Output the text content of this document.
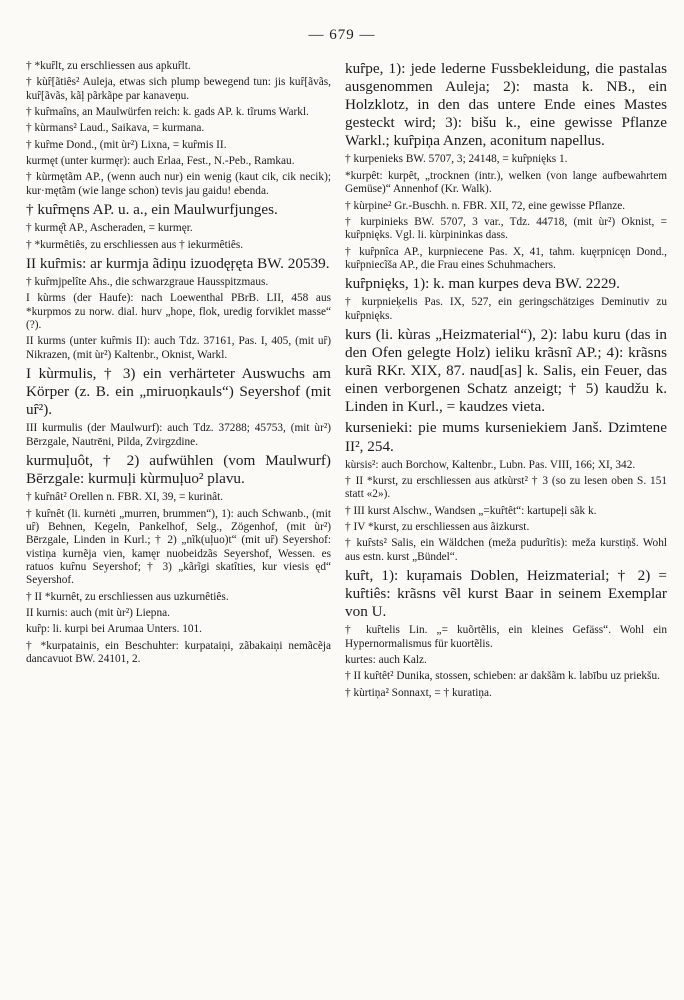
— 679 —

† *kuȓlt, zu erschliessen aus apkuȓlt.

† kùȓ[ãtiês² Auleja, etwas sich plump bewegend tun: jis kuȓ[ãvãs, kuȓ[ãvãs, kãļ pãrkãpe par kanaveņu.

† kuȓmaîns, an Maulwürfen reich: k. gads AP. k. tĩrums Warkl.

† kùrmans² Laud., Saikava, = kurmana.

† kuȓme Dond., (mit ùr²) Lixna, = kuȓmis II.

kurmęt (unter kurmęr): auch Erlaa, Fest., N.-Peb., Ramkau.

† kùrmętãm AP., (wenn auch nur) ein wenig (kaut cik, cik necik); kur·mętãm (wie lange schon) tevis jau gaidu! ebenda.

† kuȓmęns AP. u. a., ein Maulwurfjunges.

† kurmę̂t AP., Ascheraden, = kurmęr.

† *kurmêtiês, zu erschliessen aus † iekurmêtiês.

II kuȓmis: ar kurmja ãdiņu izuodęŗęta BW. 20539.

† kuȓmjpelîte Ahs., die schwarzgraue Hausspitzmaus.

I kùrms (der Haufe): nach Loewenthal PBrB. LII, 458 aus *kurpmos zu norw. dial. hurv „hope, flok, uredig forviklet masse“ (?).

II kurms (unter kuȓmis II): auch Tdz. 37161, Pas. I, 405, (mit uȓ) Nikrazen, (mit ùr²) Kaltenbr., Oknist, Warkl.

I kùrmulis, † 3) ein verhärteter Auswuchs am Körper (z. B. ein „miruoņkauls“) Seyershof (mit uȓ²).

III kurmulis (der Maulwurf): auch Tdz. 37288; 45753, (mit ùr²) Bērzgale, Nautrēni, Pilda, Zvirgzdine.

kurmuļuôt, † 2) aufwühlen (vom Maulwurf) Bērzgale: kurmuļi kùrmuļuo² plavu.

† kuȓnât² Orellen n. FBR. XI, 39, = kurinât.

† kuȓnêt (li. kurnėti „murren, brummen“), 1): auch Schwanb., (mit uȓ) Behnen, Kegeln, Pankelhof, Selg., Zögenhof, (mit ùr²) Bērzgale, Linden in Kurl.; † 2) „nĩk(uļuo)t“ (mit uȓ) Seyershof: vistiņa kurnẽja vien, kamęr nuobeidzãs Seyershof, Wessen. es ratuos kuȓnu Seyershof; † 3) „kãrĩgi skatîties, kur viesis ęd“ Seyershof.

† II *kurnêt, zu erschliessen aus uzkurnêtiês.

II kurnis: auch (mit ùr²) Liepna.

kuȓp: li. kurpi bei Arumaa Unters. 101.

† *kurpatainis, ein Beschuhter: kurpataiņi, zãbakaiņi nemãcẽja dancavuot BW. 24101, 2.

kuȓpe, 1): jede lederne Fussbekleidung, die pastalas ausgenommen Auleja; 2): masta k. NB., ein Holzklotz, in den das untere Ende eines Mastes gesteckt wird; 3): bišu k., eine gewisse Pflanze Warkl.; kuȓpiņa Anzen, aconitum napellus.

† kurpenieks BW. 5707, 3; 24148, = kuȓpnięks 1.

*kurpêt: kurpêt, „trocknen (intr.), welken (von lange aufbewahrtem Gemüse)“ Annenhof (Kr. Walk).

† kùrpine² Gr.-Buschh. n. FBR. XII, 72, eine gewisse Pflanze.

† kurpinieks BW. 5707, 3 var., Tdz. 44718, (mit ùr²) Oknist, = kuȓpnięks. Vgl. li. kùrpininkas dass.

† kuȓpnîca AP., kurpniecene Pas. X, 41, tahm. kuęrpnicęn Dond., kuȓpniecĩša AP., die Frau eines Schuhmachers.

kuȓpnięks, 1): k. man kurpes deva BW. 2229.

† kurpnieķelis Pas. IX, 527, ein geringschätziges Deminutiv zu kuȓpnięks.

kurs (li. kùras „Heizmaterial“), 2): labu kuru (das in den Ofen gelegte Holz) ieliku krãsnĩ AP.; 4): krãsns kurã RKr. XIX, 87. naud[as] k. Salis, ein Feuer, das einen verborgenen Schatz anzeigt; † 5) kaudžu k. Linden in Kurl., = kaudzes vieta.

kursenieki: pie mums kurseniekiem Janš. Dzimtene II², 254.

kùrsis²: auch Borchow, Kaltenbr., Lubn. Pas. VIII, 166; XI, 342.

† II *kurst, zu erschliessen aus atkùrst² † 3 (so zu lesen oben S. 151 statt «2»).

† III kurst Alschw., Wandsen „=kuȓtêt“: kartupeļi sãk k.

† IV *kurst, zu erschliessen aus ãizkurst.

† kuȓsts² Salis, ein Wäldchen (meža pudurĩtis): meža kurstiņš. Wohl aus estn. kurst „Bündel“.

kuȓt, 1): kuŗamais Doblen, Heizmaterial; † 2) = kuȓtiês: krãsns vẽl kurst Baar in seinem Exemplar von U.

† kuȓtelis Lin. „= kuõrtẽlis, ein kleines Gefäss“. Wohl ein Hypernormalismus für kuortẽlis.

kurtes: auch Kalz.

† II kuȓtêt² Dunika, stossen, schieben: ar dakšãm k. labību uz priekšu.

† kùrtiņa² Sonnaxt, = † kuratiņa.
